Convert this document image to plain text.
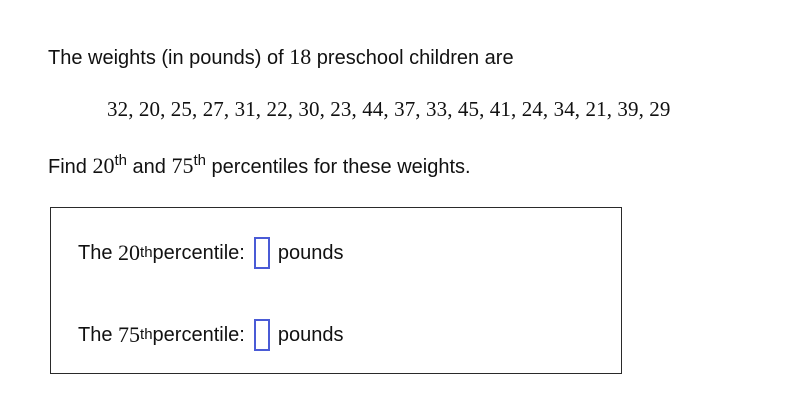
The weights (in pounds) of 18 preschool children are
32, 20, 25, 27, 31, 22, 30, 23, 44, 37, 33, 45, 41, 24, 34, 21, 39, 29
Find 20th and 75th percentiles for these weights.
The
20 th percentile: pounds
The
75 th percentile: pounds
